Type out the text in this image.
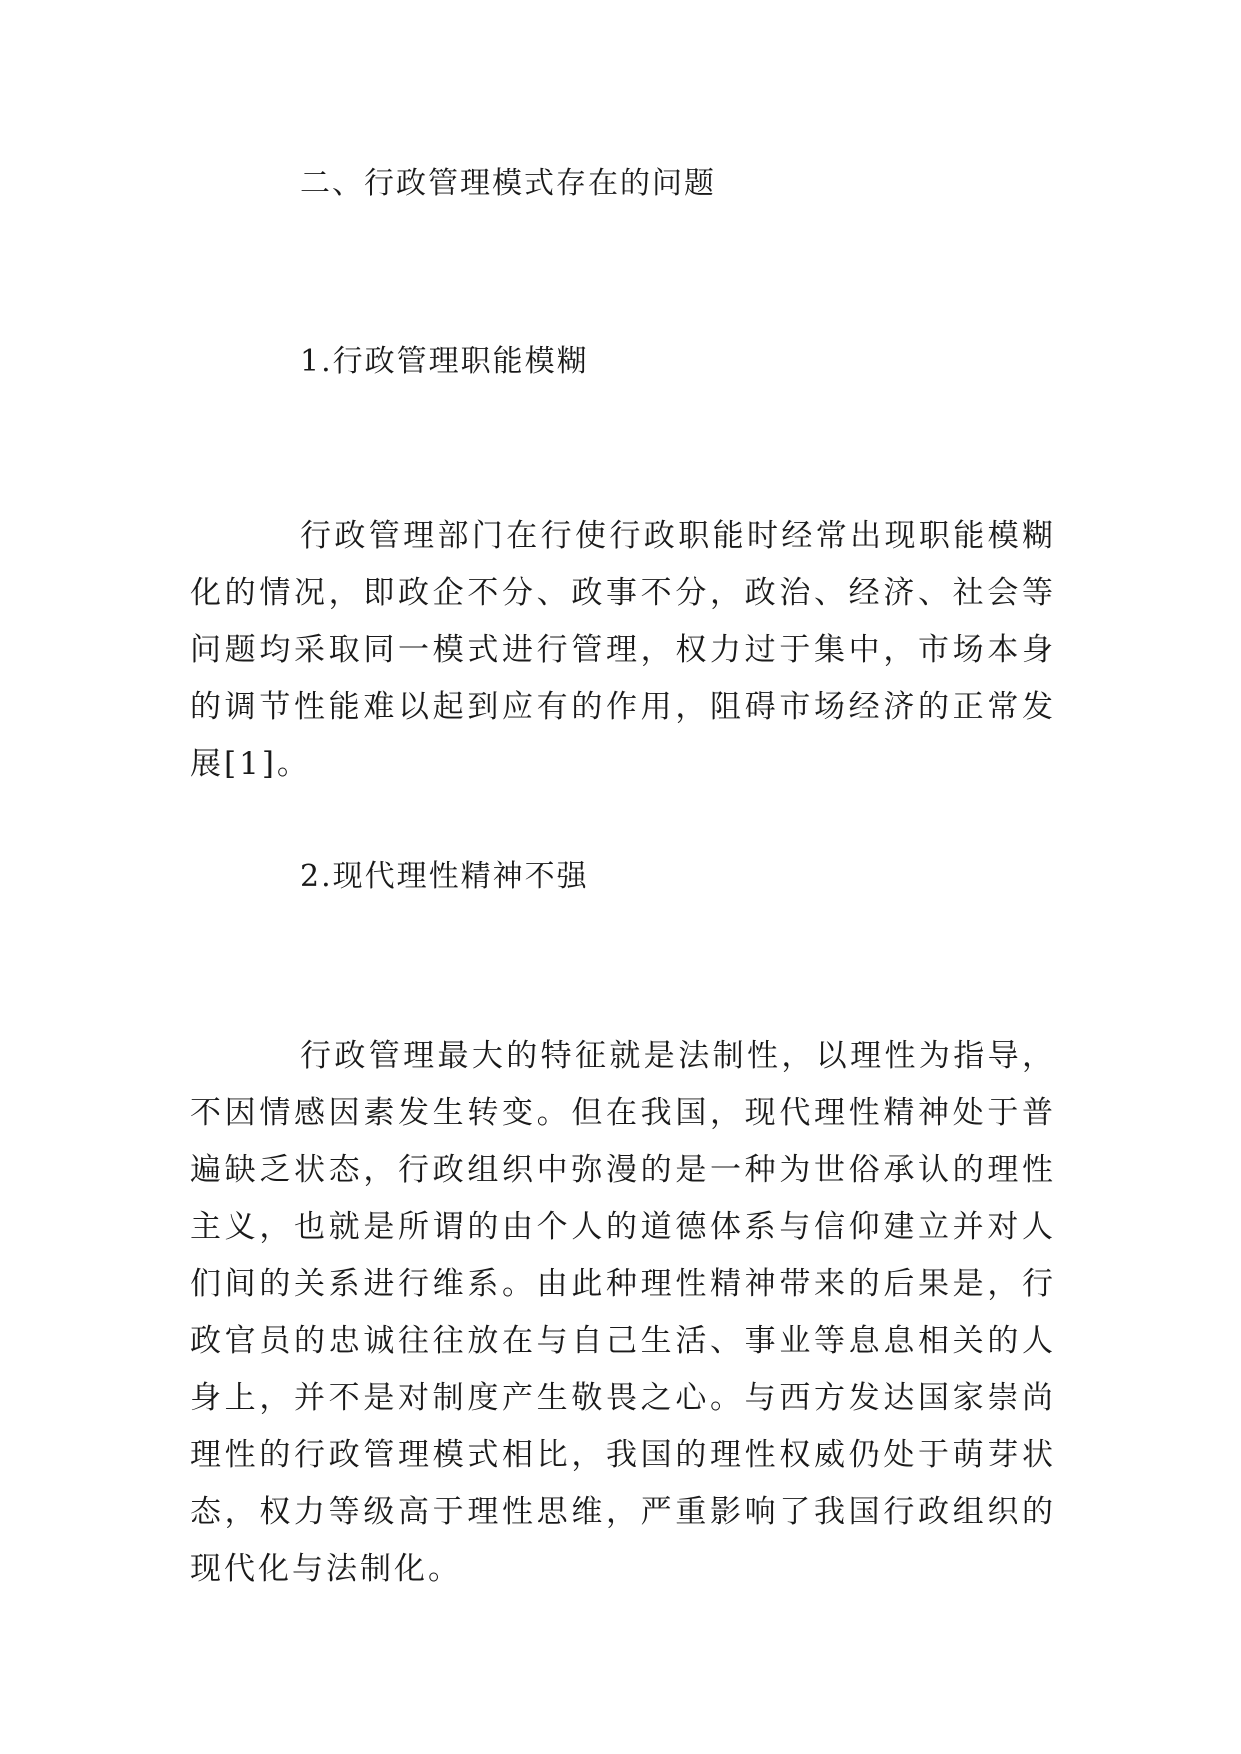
二、行政管理模式存在的问题
1.行政管理职能模糊

行政管理部门在行使行政职能时经常出现职能模糊化的情况，即政企不分、政事不分，政治、经济、社会等问题均采取同一模式进行管理，权力过于集中，市场本身的调节性能难以起到应有的作用，阻碍市场经济的正常发展[1]。

2.现代理性精神不强

行政管理最大的特征就是法制性，以理性为指导，不因情感因素发生转变。但在我国，现代理性精神处于普遍缺乏状态，行政组织中弥漫的是一种为世俗承认的理性主义，也就是所谓的由个人的道德体系与信仰建立并对人们间的关系进行维系。由此种理性精神带来的后果是，行政官员的忠诚往往放在与自己生活、事业等息息相关的人身上，并不是对制度产生敬畏之心。与西方发达国家崇尚理性的行政管理模式相比，我国的理性权威仍处于萌芽状态，权力等级高于理性思维，严重影响了我国行政组织的现代化与法制化。
